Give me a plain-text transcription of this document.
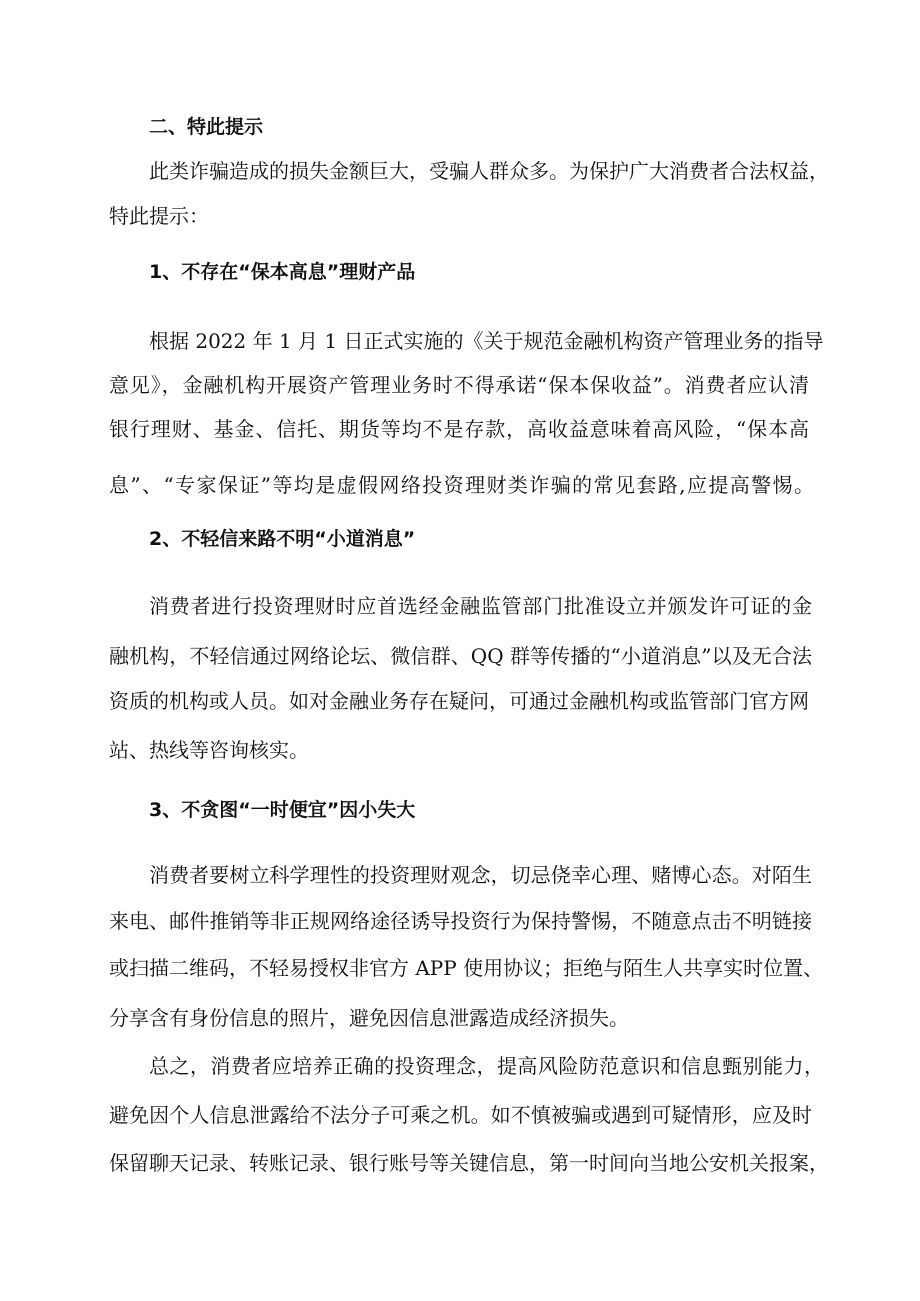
二、特此提示
此类诈骗造成的损失金额巨大，受骗人群众多。为保护广大消费者合法权益，
特此提示：
1、不存在“保本高息”理财产品
根据 2022 年 1 月 1 日正式实施的《关于规范金融机构资产管理业务的指导
意见》，金融机构开展资产管理业务时不得承诺“保本保收益”。消费者应认清
银行理财、基金、信托、期货等均不是存款，高收益意味着高风险，“保本高
息”、“专家保证”等均是虚假网络投资理财类诈骗的常见套路,应提高警惕。
2、不轻信来路不明“小道消息”
消费者进行投资理财时应首选经金融监管部门批准设立并颁发许可证的金
融机构，不轻信通过网络论坛、微信群、QQ 群等传播的“小道消息”以及无合法
资质的机构或人员。如对金融业务存在疑问，可通过金融机构或监管部门官方网
站、热线等咨询核实。
3、不贪图“一时便宜”因小失大
消费者要树立科学理性的投资理财观念，切忌侥幸心理、赌博心态。对陌生
来电、邮件推销等非正规网络途径诱导投资行为保持警惕，不随意点击不明链接
或扫描二维码，不轻易授权非官方 APP 使用协议；拒绝与陌生人共享实时位置、
分享含有身份信息的照片，避免因信息泄露造成经济损失。
总之，消费者应培养正确的投资理念，提高风险防范意识和信息甄别能力，
避免因个人信息泄露给不法分子可乘之机。如不慎被骗或遇到可疑情形，应及时
保留聊天记录、转账记录、银行账号等关键信息，第一时间向当地公安机关报案，
